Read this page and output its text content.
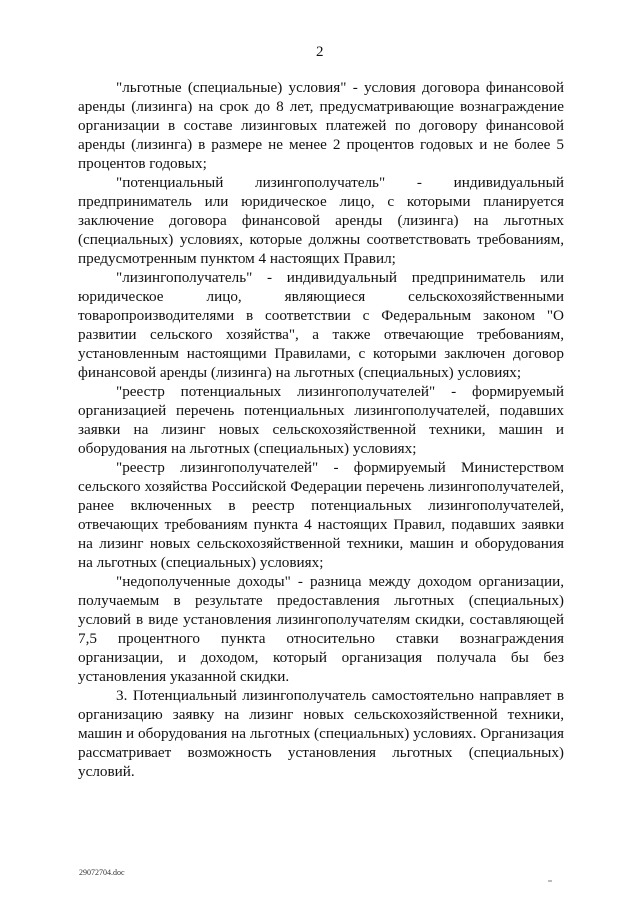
2

"льготные (специальные) условия" - условия договора финансовой аренды (лизинга) на срок до 8 лет, предусматривающие вознаграждение организации в составе лизинговых платежей по договору финансовой аренды (лизинга) в размере не менее 2 процентов годовых и не более 5 процентов годовых;

"потенциальный лизингополучатель" - индивидуальный предприниматель или юридическое лицо, с которыми планируется заключение договора финансовой аренды (лизинга) на льготных (специальных) условиях, которые должны соответствовать требованиям, предусмотренным пунктом 4 настоящих Правил;

"лизингополучатель" - индивидуальный предприниматель или юридическое лицо, являющиеся сельскохозяйственными товаропроизводителями в соответствии с Федеральным законом "О развитии сельского хозяйства", а также отвечающие требованиям, установленным настоящими Правилами, с которыми заключен договор финансовой аренды (лизинга) на льготных (специальных) условиях;

"реестр потенциальных лизингополучателей" - формируемый организацией перечень потенциальных лизингополучателей, подавших заявки на лизинг новых сельскохозяйственной техники, машин и оборудования на льготных (специальных) условиях;

"реестр лизингополучателей" - формируемый Министерством сельского хозяйства Российской Федерации перечень лизингополучателей, ранее включенных в реестр потенциальных лизингополучателей, отвечающих требованиям пункта 4 настоящих Правил, подавших заявки на лизинг новых сельскохозяйственной техники, машин и оборудования на льготных (специальных) условиях;

"недополученные доходы" - разница между доходом организации, получаемым в результате предоставления льготных (специальных) условий в виде установления лизингополучателям скидки, составляющей 7,5 процентного пункта относительно ставки вознаграждения организации, и доходом, который организация получала бы без установления указанной скидки.

3. Потенциальный лизингополучатель самостоятельно направляет в организацию заявку на лизинг новых сельскохозяйственной техники, машин и оборудования на льготных (специальных) условиях. Организация рассматривает возможность установления льготных (специальных) условий.

29072704.doc
